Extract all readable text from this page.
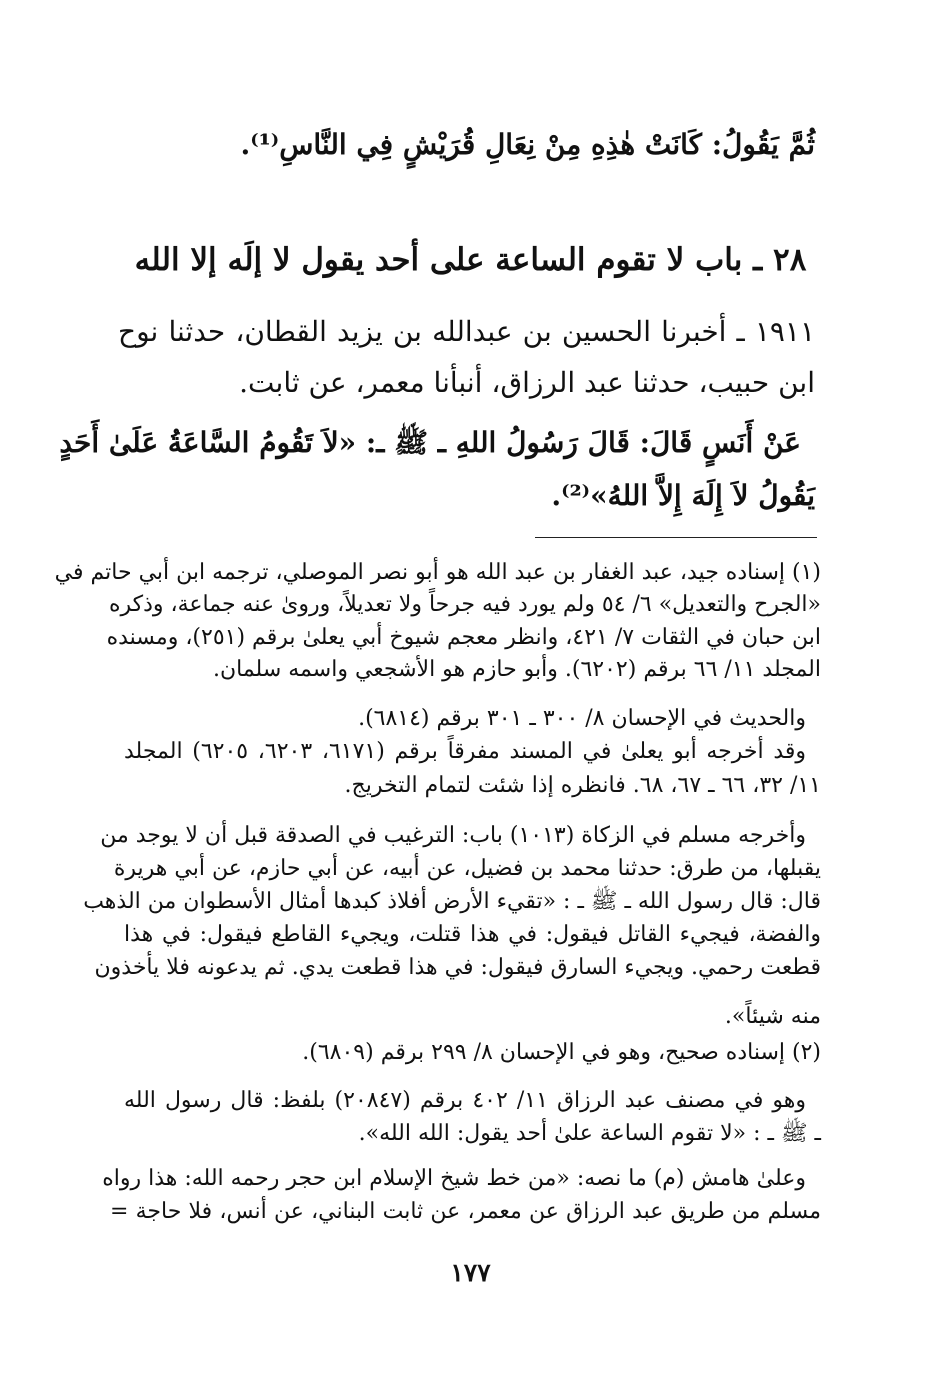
ثُمَّ يَقُولُ: كَانَتْ هٰذِهِ مِنْ نِعَالِ قُرَيْشٍ فِي النَّاسِ⁽¹⁾.
٢٨ ـ باب لا تقوم الساعة على أحد يقول لا إلَه إلا الله
١٩١١ ـ أخبرنا الحسين بن عبدالله بن يزيد القطان، حدثنا نوح
ابن حبيب، حدثنا عبد الرزاق، أنبأنا معمر، عن ثابت.
عَنْ أَنَسٍ قَالَ: قَالَ رَسُولُ اللهِ ـ ﷺ ـ: «لاَ تَقُومُ السَّاعَةُ عَلَىٰ أَحَدٍ
يَقُولُ لاَ إِلَهَ إِلاَّ اللهُ»⁽²⁾.
(١) إسناده جيد، عبد الغفار بن عبد الله هو أبو نصر الموصلي، ترجمه ابن أبي حاتم في
«الجرح والتعديل» ٦/ ٥٤ ولم يورد فيه جرحاً ولا تعديلاً، وروىٰ عنه جماعة، وذكره
ابن حبان في الثقات ٧/ ٤٢١، وانظر معجم شيوخ أبي يعلىٰ برقم (٢٥١)، ومسنده
المجلد ١١/ ٦٦ برقم (٦٢٠٢). وأبو حازم هو الأشجعي واسمه سلمان.
والحديث في الإحسان ٨/ ٣٠٠ ـ ٣٠١ برقم (٦٨١٤).
وقد أخرجه أبو يعلىٰ في المسند مفرقاً برقم (٦١٧١، ٦٢٠٣، ٦٢٠٥) المجلد
١١/ ٣٢، ٦٦ ـ ٦٧، ٦٨. فانظره إذا شئت لتمام التخريج.
وأخرجه مسلم في الزكاة (١٠١٣) باب: الترغيب في الصدقة قبل أن لا يوجد من
يقبلها، من طرق: حدثنا محمد بن فضيل، عن أبيه، عن أبي حازم، عن أبي هريرة
قال: قال رسول الله ـ ﷺ ـ : «تقيء الأرض أفلاذ كبدها أمثال الأسطوان من الذهب
والفضة، فيجيء القاتل فيقول: في هذا قتلت، ويجيء القاطع فيقول: في هذا
قطعت رحمي. ويجيء السارق فيقول: في هذا قطعت يدي. ثم يدعونه فلا يأخذون
منه شيئاً».
(٢) إسناده صحيح، وهو في الإحسان ٨/ ٢٩٩ برقم (٦٨٠٩).
وهو في مصنف عبد الرزاق ١١/ ٤٠٢ برقم (٢٠٨٤٧) بلفظ: قال رسول الله
ـ ﷺ ـ : «لا تقوم الساعة علىٰ أحد يقول: الله الله».
وعلىٰ هامش (م) ما نصه: «من خط شيخ الإسلام ابن حجر رحمه الله: هذا رواه
مسلم من طريق عبد الرزاق عن معمر، عن ثابت البناني، عن أنس، فلا حاجة =
١٧٧
